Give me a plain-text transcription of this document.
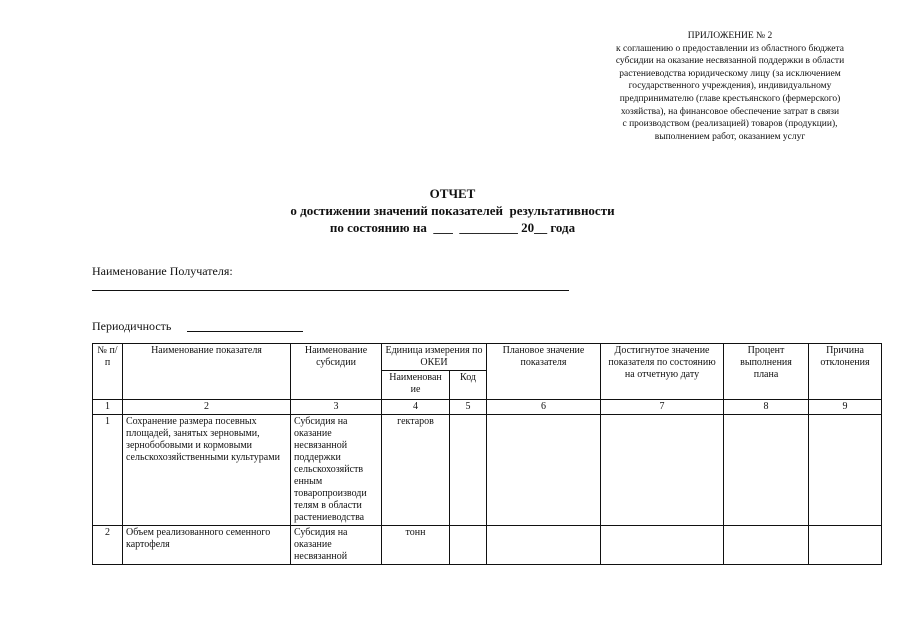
ПРИЛОЖЕНИЕ № 2
к соглашению о предоставлении из областного бюджета
субсидии на оказание несвязанной поддержки в области
растениеводства юридическому лицу (за исключением
государственного учреждения), индивидуальному
предпринимателю (главе крестьянского (фермерского)
хозяйства), на финансовое обеспечение затрат в связи
с производством (реализацией) товаров (продукции),
выполнением работ, оказанием услуг
ОТЧЕТ
о достижении значений показателей  результативности
по состоянию на  ___  _________ 20__ года
Наименование Получателя:
Периодичность
№ п/п	Наименование показателя	Наименование субсидии	Единица измерения по ОКЕИ		Плановое значение показателя	Достигнутое значение показателя по состоянию на отчетную дату	Процент выполнения плана	Причина отклонения
			Наименован ие	Код				
1	2	3	4	5	6	7	8	9
1	Сохранение размера посевных площадей, занятых зерновыми, зернобобовыми и кормовыми сельскохозяйственными культурами	Субсидия на оказание несвязанной поддержки сельскохозяйств енным товаропроизводи телям в области растениеводства	гектаров					
2	Объем реализованного семенного картофеля	Субсидия на оказание несвязанной	тонн					
